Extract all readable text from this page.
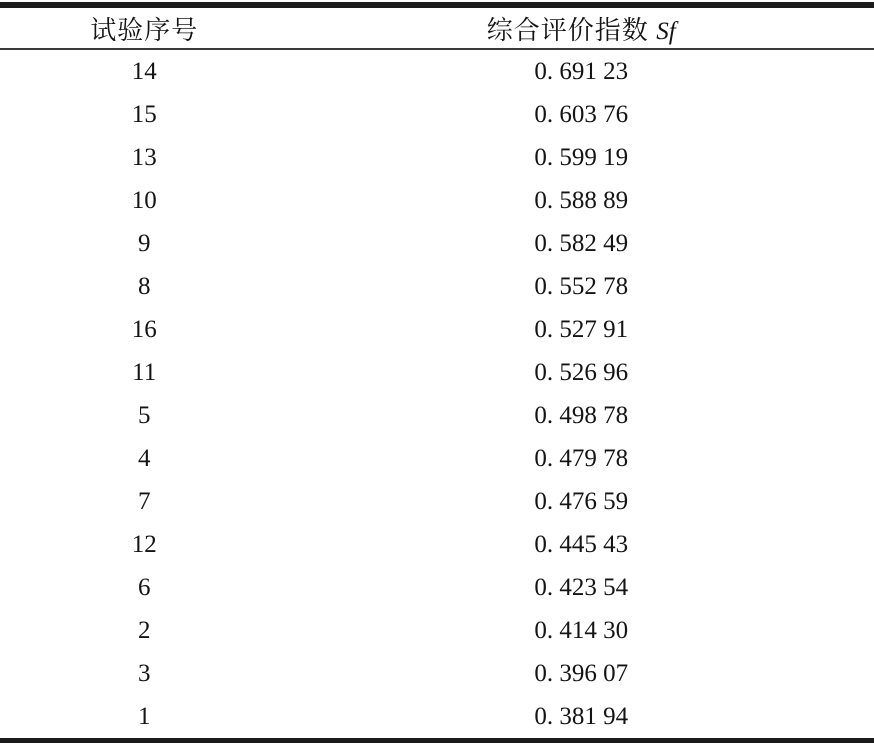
试验序号	综合评价指数 Sf
14	0. 691 23
15	0. 603 76
13	0. 599 19
10	0. 588 89
9	0. 582 49
8	0. 552 78
16	0. 527 91
11	0. 526 96
5	0. 498 78
4	0. 479 78
7	0. 476 59
12	0. 445 43
6	0. 423 54
2	0. 414 30
3	0. 396 07
1	0. 381 94
